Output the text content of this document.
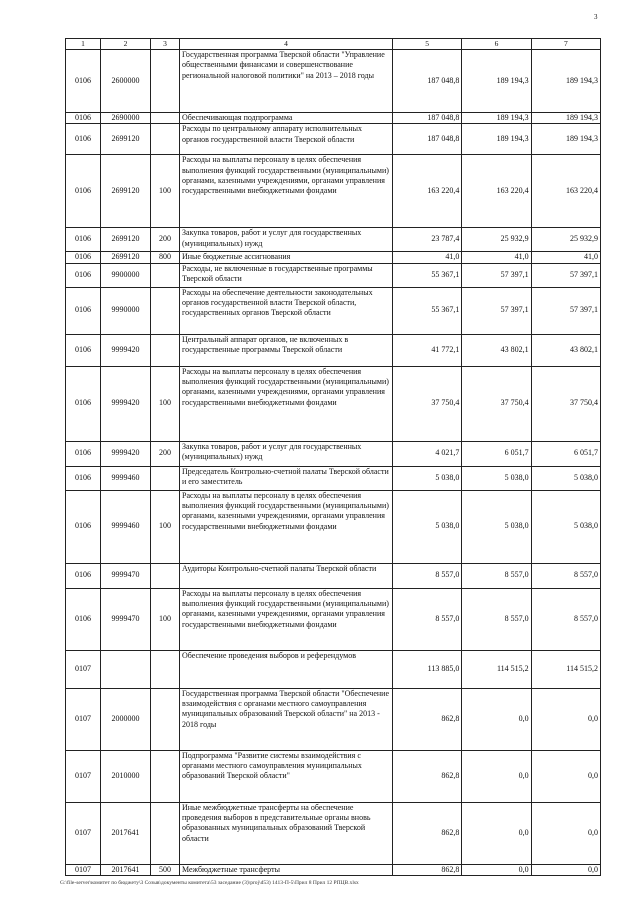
3
1	2	3	4	5	6	7
0106	2600000		Государственная программа Тверской области "Управление общественными финансами и совершенствование региональной налоговой политики" на 2013 – 2018 годы	187 048,8	189 194,3	189 194,3
0106	2690000		Обеспечивающая подпрограмма	187 048,8	189 194,3	189 194,3
0106	2699120		Расходы по центральному аппарату исполнительных органов государственной власти Тверской области	187 048,8	189 194,3	189 194,3
0106	2699120	100	Расходы на выплаты персоналу в целях обеспечения выполнения функций государственными (муниципальными) органами, казенными учреждениями, органами управления государственными внебюджетными фондами	163 220,4	163 220,4	163 220,4
0106	2699120	200	Закупка товаров, работ и услуг для государственных (муниципальных) нужд	23 787,4	25 932,9	25 932,9
0106	2699120	800	Иные бюджетные ассигнования	41,0	41,0	41,0
0106	9900000		Расходы, не включенные в государственные программы Тверской области	55 367,1	57 397,1	57 397,1
0106	9990000		Расходы на обеспечение деятельности законодательных органов государственной власти Тверской области, государственных органов Тверской области	55 367,1	57 397,1	57 397,1
0106	9999420		Центральный аппарат органов, не включенных в государственные программы Тверской области	41 772,1	43 802,1	43 802,1
0106	9999420	100	Расходы на выплаты персоналу в целях обеспечения выполнения функций государственными (муниципальными) органами, казенными учреждениями, органами управления государственными внебюджетными фондами	37 750,4	37 750,4	37 750,4
0106	9999420	200	Закупка товаров, работ и услуг для государственных (муниципальных) нужд	4 021,7	6 051,7	6 051,7
0106	9999460		Председатель Контрольно-счетной палаты Тверской области и его заместитель	5 038,0	5 038,0	5 038,0
0106	9999460	100	Расходы на выплаты персоналу в целях обеспечения выполнения функций государственными (муниципальными) органами, казенными учреждениями, органами управления государственными внебюджетными фондами	5 038,0	5 038,0	5 038,0
0106	9999470		Аудиторы Контрольно-счетной палаты Тверской области	8 557,0	8 557,0	8 557,0
0106	9999470	100	Расходы на выплаты персоналу в целях обеспечения выполнения функций государственными (муниципальными) органами, казенными учреждениями, органами управления государственными внебюджетными фондами	8 557,0	8 557,0	8 557,0
0107			Обеспечение проведения выборов и референдумов	113 885,0	114 515,2	114 515,2
0107	2000000		Государственная программа Тверской области "Обеспечение взаимодействия с органами местного самоуправления муниципальных образований Тверской области" на 2013 - 2018 годы	862,8	0,0	0,0
0107	2010000		Подпрограмма "Развитие системы взаимодействия с органами местного самоуправления муниципальных образований Тверской области"	862,8	0,0	0,0
0107	2017641		Иные межбюджетные трансферты на обеспечение проведения выборов в представительные органы вновь образованных муниципальных образований Тверской области	862,8	0,0	0,0
0107	2017641	500	Межбюджетные трансферты	862,8	0,0	0,0
G:\file-server\комитет по бюджету\3 Созыв\документы комитета\53 заседание (3)\proj\d53) 1413-П-5\Прил 8 Прил 12 РПЦВ.xlsx
